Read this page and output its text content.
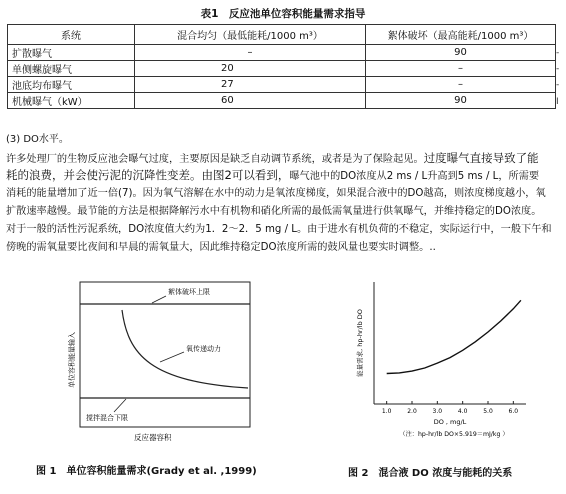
表1　反应池单位容积能量需求指导
系统	混合均匀（最低能耗/1000 m³）	絮体破坏（最高能耗/1000 m³）
扩散曝气	–	90
单侧螺旋曝气	20	–
池底均布曝气	27	–
机械曝气（kW）	60	90
-
-
-
I
(3) DO水平。
许多处理厂的生物反应池会曝气过度，主要原因是缺乏自动调节系统，或者是为了保险起见。过度曝气直接导致了能
耗的浪费，并会使污泥的沉降性变差。由图2可以看到，曝气池中的DO浓度从2 ms / L升高到5 ms / L，所需要
消耗的能量增加了近一倍(7)。因为氧气溶解在水中的动力是氧浓度梯度，如果混合液中的DO越高，则浓度梯度越小，氧
扩散速率越慢。最节能的方法是根据降解污水中有机物和硝化所需的最低需氧量进行供氧曝气，并维持稳定的DO浓度。
对于一般的活性污泥系统，DO浓度值大约为1．2～2．5 mg / L。由于进水有机负荷的不稳定，实际运行中，一般下午和
傍晚的需氧量要比夜间和早晨的需氧量大，因此维持稳定DO浓度所需的鼓风量也要实时调整。..
絮体破坏上限
氧传递动力
搅拌混合下限
单位容积能量输入
反应器容积
图 1　单位容积能量需求(Grady et al. ,1999)
1.0	2.0	3.0	4.0	5.0	6.0
DO , mg/L
能量需求, hp-hr/lb DO
（注：hp-hr/lb DO×5.919＝mJ/kg ）
图 2　混合液 DO 浓度与能耗的关系
